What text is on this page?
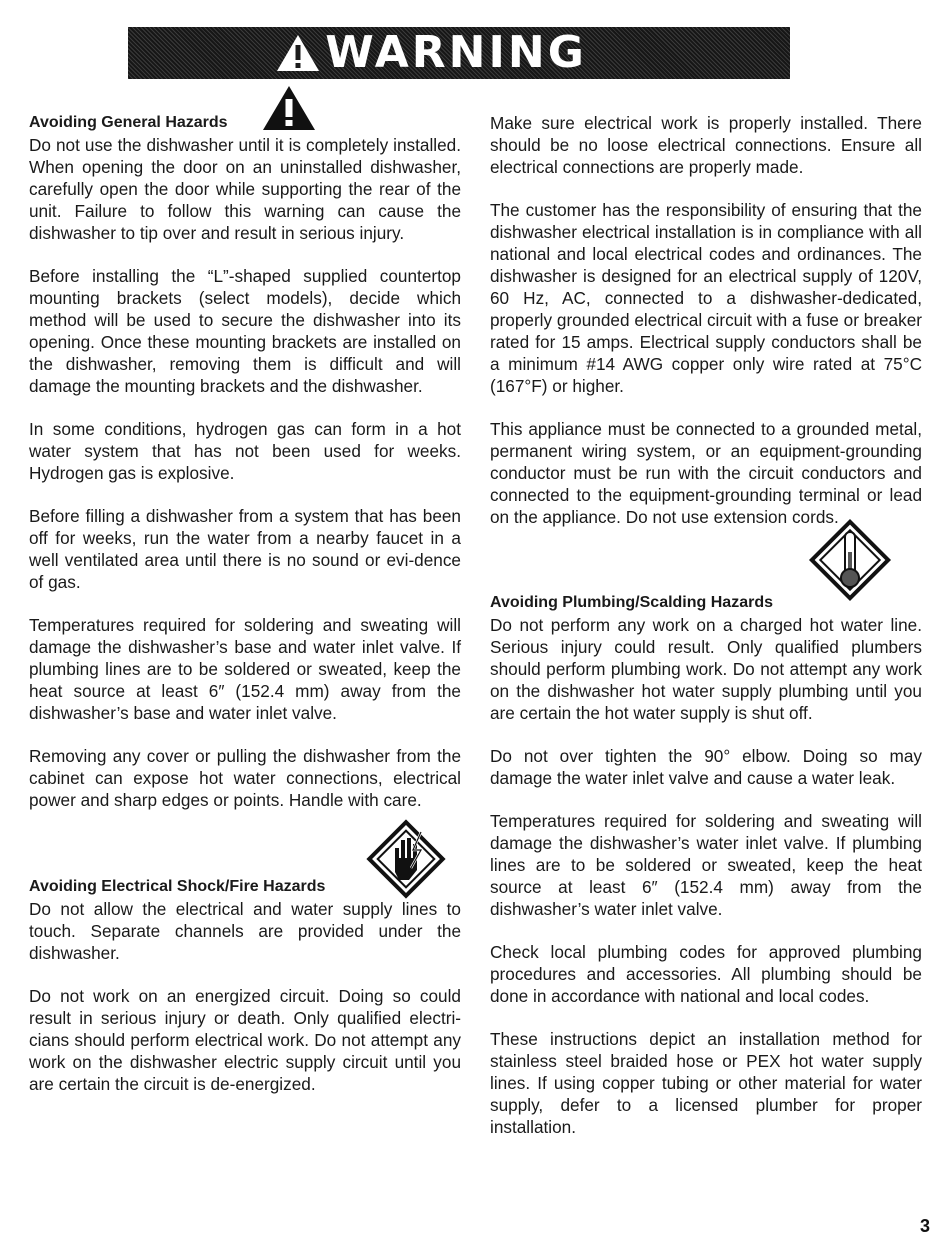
WARNING
Avoiding General Hazards

Do not use the dishwasher until it is completely installed. When opening the door on an uninstalled dishwasher, carefully open the door while supporting the rear of the unit. Failure to follow this warning can cause the dishwasher to tip over and result in serious injury.

Before installing the “L”-shaped supplied countertop mounting brackets (select models), decide which method will be used to secure the dishwasher into its opening. Once these mounting brackets are installed on the dishwasher, removing them is difficult and will damage the mounting brackets and the dishwasher.

In some conditions, hydrogen gas can form in a hot water system that has not been used for weeks. Hydrogen gas is explosive.

Before filling a dishwasher from a system that has been off for weeks, run the water from a nearby faucet in a well ventilated area until there is no sound or evi-dence of gas.

Temperatures required for soldering and sweating will damage the dishwasher’s base and water inlet valve. If plumbing lines are to be soldered or sweated, keep the heat source at least 6″ (152.4 mm) away from the dishwasher’s base and water inlet valve.

Removing any cover or pulling the dishwasher from the cabinet can expose hot water connections, electrical power and sharp edges or points. Handle with care.

Avoiding Electrical Shock/Fire Hazards

Do not allow the electrical and water supply lines to touch. Separate channels are provided under the dishwasher.

Do not work on an energized circuit. Doing so could result in serious injury or death. Only qualified electri-cians should perform electrical work. Do not attempt any work on the dishwasher electric supply circuit until you are certain the circuit is de-energized.

Make sure electrical work is properly installed. There should be no loose electrical connections. Ensure all electrical connections are properly made.

The customer has the responsibility of ensuring that the dishwasher electrical installation is in compliance with all national and local electrical codes and ordinances. The dishwasher is designed for an electrical supply of 120V, 60 Hz, AC, connected to a dishwasher-dedicated, properly grounded electrical circuit with a fuse or breaker rated for 15 amps. Electrical supply conductors shall be a minimum #14 AWG copper only wire rated at 75°C (167°F) or higher.

This appliance must be connected to a grounded metal, permanent wiring system, or an equipment-grounding conductor must be run with the circuit conductors and connected to the equipment-grounding terminal or lead on the appliance. Do not use extension cords.

Avoiding Plumbing/Scalding Hazards

Do not perform any work on a charged hot water line. Serious injury could result. Only qualified plumbers should perform plumbing work. Do not attempt any work on the dishwasher hot water supply plumbing until you are certain the hot water supply is shut off.

Do not over tighten the 90° elbow. Doing so may damage the water inlet valve and cause a water leak.

Temperatures required for soldering and sweating will damage the dishwasher’s water inlet valve. If plumbing lines are to be soldered or sweated, keep the heat source at least 6″ (152.4 mm) away from the dishwasher’s water inlet valve.

Check local plumbing codes for approved plumbing procedures and accessories. All plumbing should be done in accordance with national and local codes.

These instructions depict an installation method for stainless steel braided hose or PEX hot water supply lines. If using copper tubing or other material for water supply, defer to a licensed plumber for proper installation.

3
